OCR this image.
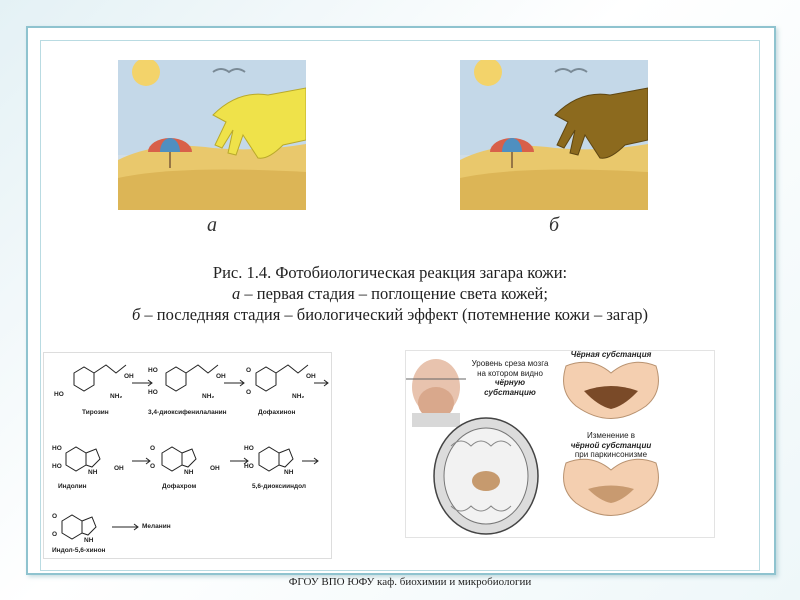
а	б
Рис. 1.4. Фотобиологическая реакция загара кожи:
а – первая стадия – поглощение света кожей;
б – последняя стадия – биологический эффект (потемнение кожи – загар)
HO
OH
NH₂
HO
HO
OH
NH₂
O
O
OH
NH₂
HO
HO	OH
NH
O
O	OH
NH
HO
HO
NH
O
O
NH
Тирозин	3,4-диоксифенилаланин	Дофахинон
Индолин	Дофахром	5,6-диоксииндол
Индол-5,6-хинон
Меланин
Уровень среза мозга на котором видно чёрную субстанцию
Чёрная субстанция
Изменение в
чёрной субстанции
при паркинсонизме
ФГОУ ВПО ЮФУ каф. биохимии и микробиологии
